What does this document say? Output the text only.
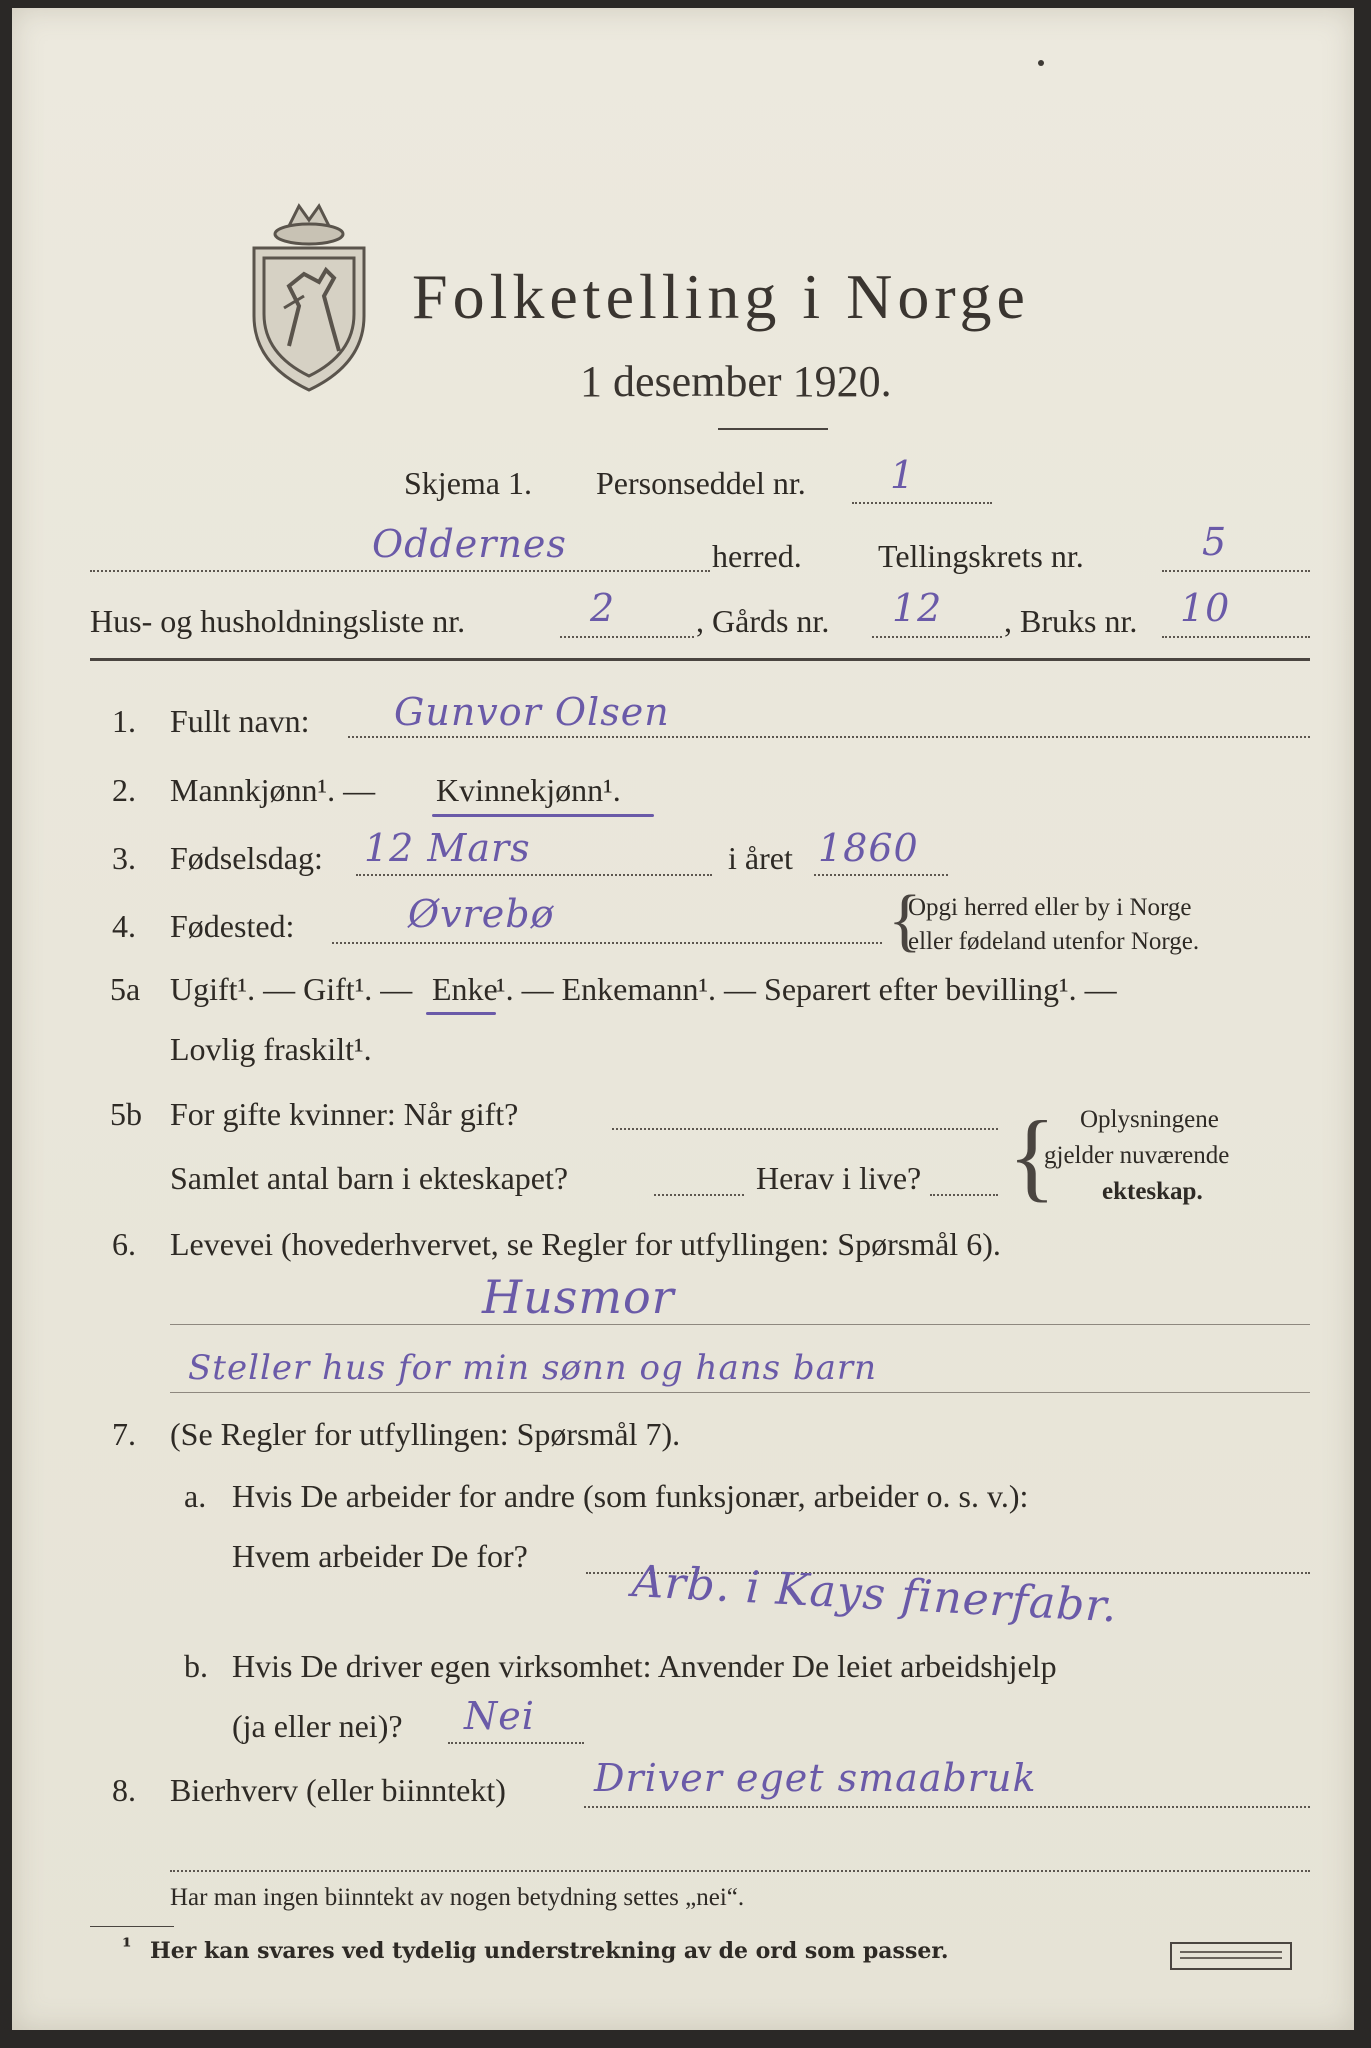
Folketelling i Norge
1 desember 1920.
Skjema 1. Personseddel nr. 1
Oddernes	herred. Tellingskrets nr.	5
Hus- og husholdningsliste nr.	2	, Gårds nr. 12 , Bruks nr. 10
1. Fullt navn: Gunvor Olsen
2. Mannkjønn¹. — Kvinnekjønn¹.
3. Fødselsdag: 12 Mars	i året 1860
4. Fødested:	Øvrebø	{
Opgi herred eller by i Norge
eller fødeland utenfor Norge.
5a Ugift¹. — Gift¹. — Enke
¹. — Enkemann¹. — Separert efter bevilling¹. —
Lovlig fraskilt¹.
5b For gifte kvinner: Når gift?
Samlet antal barn i ekteskapet?	Herav i live? { Oplysningene
gjelder nuværende
ekteskap.
6. Levevei (hovederhvervet, se Regler for utfyllingen: Spørsmål 6).
Husmor
Steller hus for min sønn og hans barn
7. (Se Regler for utfyllingen: Spørsmål 7).
a. Hvis De arbeider for andre (som funksjonær, arbeider o. s. v.):
Hvem arbeider De for?
Arb. i Kays finerfabr.
b. Hvis De driver egen virksomhet: Anvender De leiet arbeidshjelp
(ja eller nei)? Nei
8. Bierhverv (eller biinntekt) Driver eget smaabruk
Har man ingen biinntekt av nogen betydning settes „nei“.
¹ Her kan svares ved tydelig understrekning av de ord som passer.
